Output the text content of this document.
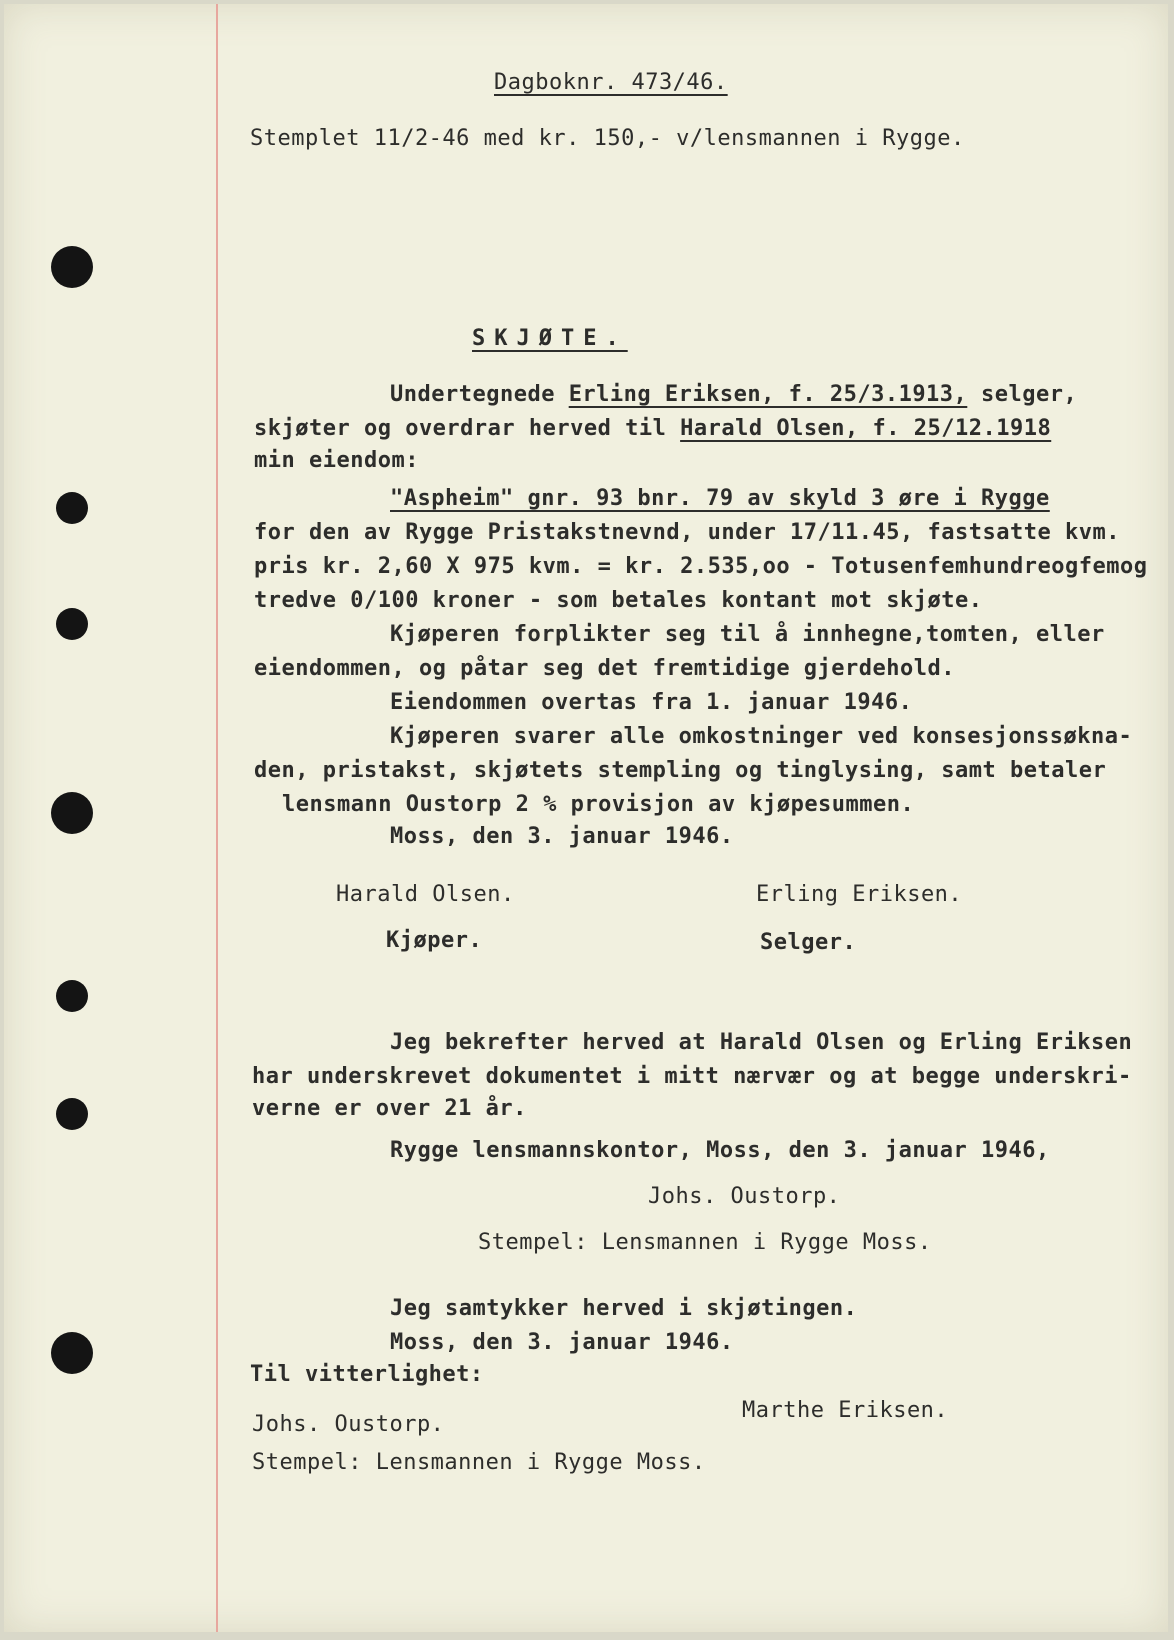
Dagboknr. 473/46.
Stemplet 11/2-46 med kr. 150,- v/lensmannen i Rygge.
SKJØTE.
Undertegnede Erling Eriksen, f. 25/3.1913, selger,
skjøter og overdrar herved til Harald Olsen, f. 25/12.1918
min eiendom:
"Aspheim" gnr. 93 bnr. 79 av skyld 3 øre i Rygge
for den av Rygge Pristakstnevnd, under 17/11.45, fastsatte kvm.
pris kr. 2,60 X 975 kvm. = kr. 2.535,oo - Totusenfemhundreogfemog
tredve 0/100 kroner - som betales kontant mot skjøte.
Kjøperen forplikter seg til å innhegne,tomten, eller
eiendommen, og påtar seg det fremtidige gjerdehold.
Eiendommen overtas fra 1. januar 1946.
Kjøperen svarer alle omkostninger ved konsesjonssøkna-
den, pristakst, skjøtets stempling og tinglysing, samt betaler
lensmann Oustorp 2 % provisjon av kjøpesummen.
Moss, den 3. januar 1946.
Harald Olsen.	Erling Eriksen.
Kjøper.	Selger.
Jeg bekrefter herved at Harald Olsen og Erling Eriksen
har underskrevet dokumentet i mitt nærvær og at begge underskri-
verne er over 21 år.
Rygge lensmannskontor, Moss, den 3. januar 1946,
Johs. Oustorp.
Stempel: Lensmannen i Rygge Moss.
Jeg samtykker herved i skjøtingen.
Moss, den 3. januar 1946.
Til vitterlighet:
Marthe Eriksen.
Johs. Oustorp.
Stempel: Lensmannen i Rygge Moss.
